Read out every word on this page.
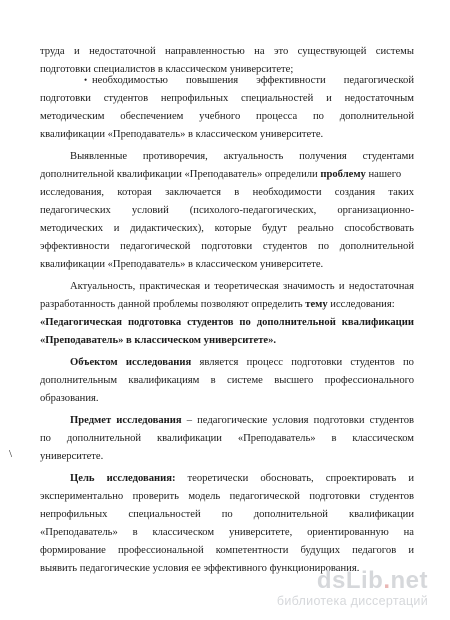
труда и недостаточной направленностью на это существующей системы
подготовки специалистов в классическом университете;
• необходимостью повышения эффективности педагогической
подготовки студентов непрофильных специальностей и недостаточным
методическим обеспечением учебного процесса по дополнительной
квалификации «Преподаватель» в классическом университете.
Выявленные противоречия, актуальность получения студентами
дополнительной квалификации «Преподаватель» определили проблему нашего
исследования, которая заключается в необходимости создания таких
педагогических условий (психолого-педагогических, организационно-
методических и дидактических), которые будут реально способствовать
эффективности педагогической подготовки студентов по дополнительной
квалификации «Преподаватель» в классическом университете.
Актуальность, практическая и теоретическая значимость и недостаточная
разработанность данной проблемы позволяют определить тему исследования:
«Педагогическая подготовка студентов по дополнительной квалификации
«Преподаватель» в классическом университете».
Объектом исследования является процесс подготовки студентов по
дополнительным квалификациям в системе высшего профессионального
образования.
Предмет исследования – педагогические условия подготовки студентов
по дополнительной квалификации «Преподаватель» в классическом
университете.
Цель исследования: теоретически обосновать, спроектировать и
экспериментально проверить модель педагогической подготовки студентов
непрофильных специальностей по дополнительной квалификации
«Преподаватель» в классическом университете, ориентированную на
формирование профессиональной компетентности будущих педагогов и
выявить педагогические условия ее эффективного функционирования.
\
dsLib.net
библиотека диссертаций
